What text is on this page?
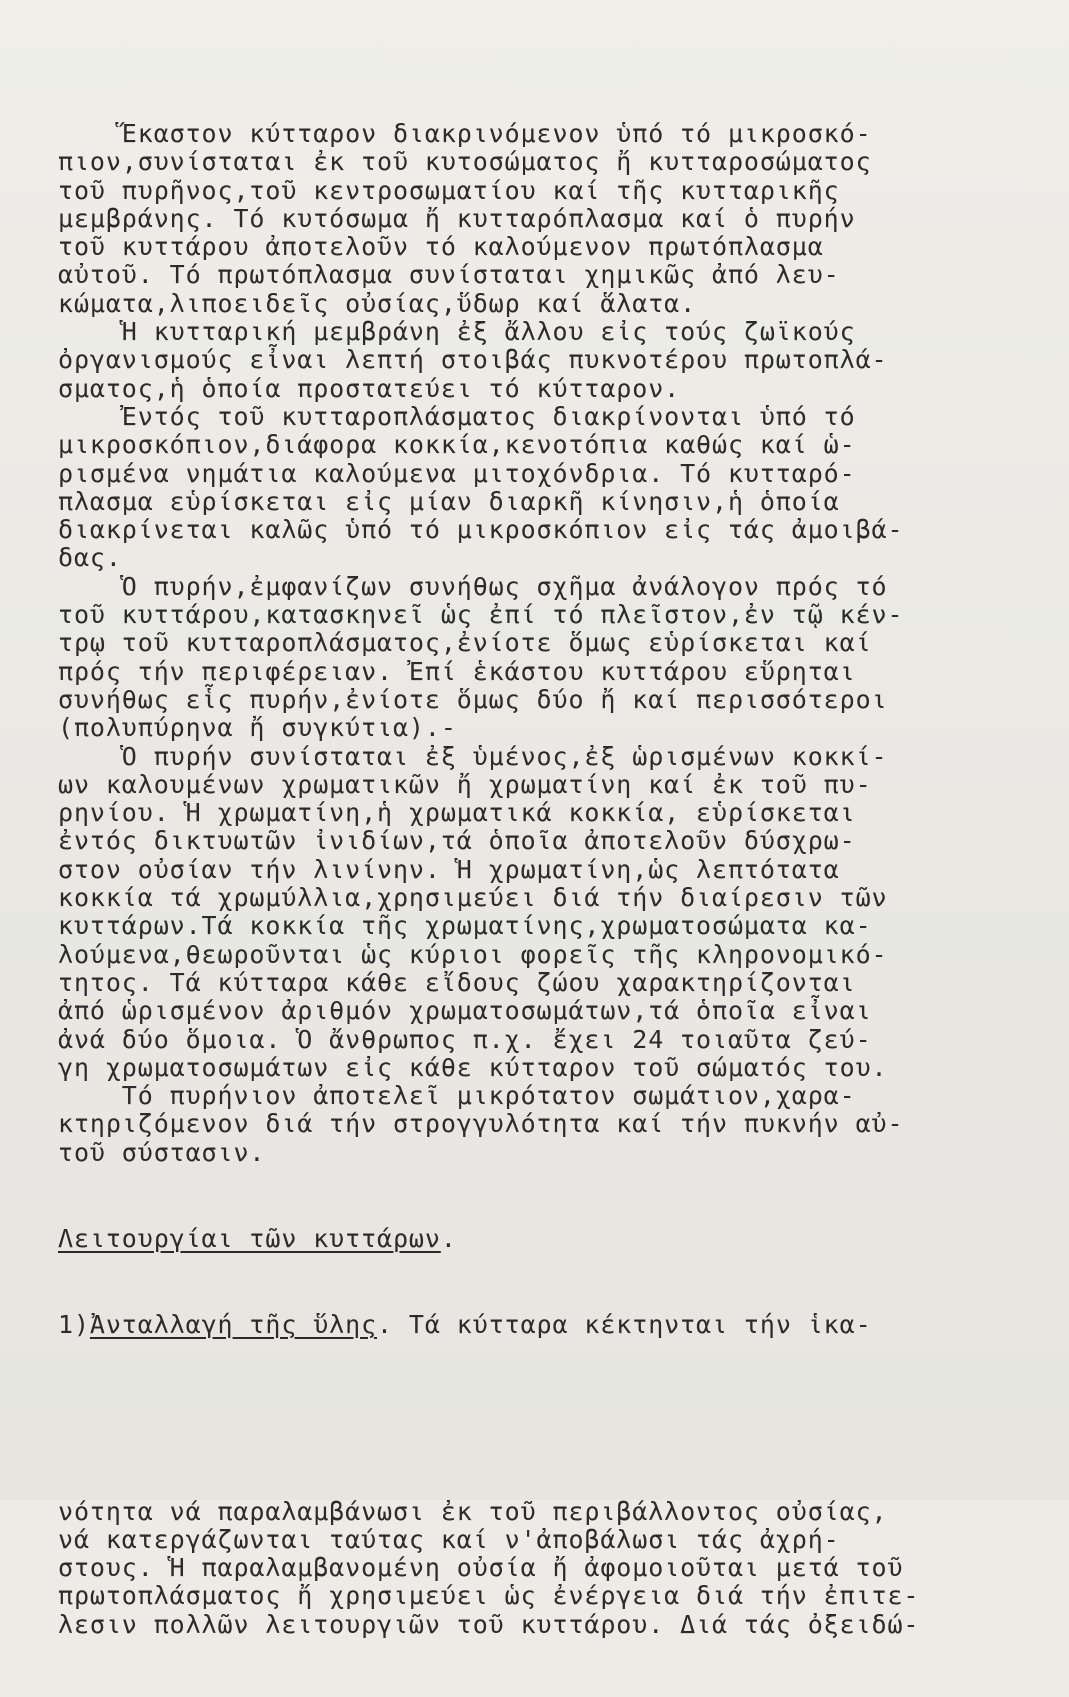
Ἕκαστον κύτταρον διακρινόμενον ὑπό τό μικροσκό-
πιον,συνίσταται ἐκ τοῦ κυτοσώματος ἤ κυτταροσώματος
τοῦ πυρῆνος,τοῦ κεντροσωματίου καί τῆς κυτταρικῆς
μεμβράνης. Τό κυτόσωμα ἤ κυτταρόπλασμα καί ὁ πυρήν
τοῦ κυττάρου ἀποτελοῦν τό καλούμενον πρωτόπλασμα
αὐτοῦ. Τό πρωτόπλασμα συνίσταται χημικῶς ἀπό λευ-
κώματα,λιποειδεῖς οὐσίας,ὕδωρ καί ἅλατα.
Ἡ κυτταρική μεμβράνη ἐξ ἄλλου εἰς τούς ζωϊκούς
ὀργανισμούς εἶναι λεπτή στοιβάς πυκνοτέρου πρωτοπλά-
σματος,ἡ ὁποία προστατεύει τό κύτταρον.
Ἐντός τοῦ κυτταροπλάσματος διακρίνονται ὑπό τό
μικροσκόπιον,διάφορα κοκκία,κενοτόπια καθώς καί ὡ-
ρισμένα νημάτια καλούμενα μιτοχόνδρια. Τό κυτταρό-
πλασμα εὑρίσκεται εἰς μίαν διαρκῆ κίνησιν,ἡ ὁποία
διακρίνεται καλῶς ὑπό τό μικροσκόπιον εἰς τάς ἀμοιβά-
δας.
Ὁ πυρήν,ἐμφανίζων συνήθως σχῆμα ἀνάλογον πρός τό
τοῦ κυττάρου,κατασκηνεῖ ὡς ἐπί τό πλεῖστον,ἐν τῷ κέν-
τρῳ τοῦ κυτταροπλάσματος,ἐνίοτε ὅμως εὑρίσκεται καί
πρός τήν περιφέρειαν. Ἐπί ἑκάστου κυττάρου εὕρηται
συνήθως εἷς πυρήν,ἐνίοτε ὅμως δύο ἤ καί περισσότεροι
(πολυπύρηνα ἤ συγκύτια).-
Ὁ πυρήν συνίσταται ἐξ ὑμένος,ἐξ ὡρισμένων κοκκί-
ων καλουμένων χρωματικῶν ἤ χρωματίνη καί ἐκ τοῦ πυ-
ρηνίου. Ἡ χρωματίνη,ἡ χρωματικά κοκκία, εὑρίσκεται
ἐντός δικτυωτῶν ἰνιδίων,τά ὁποῖα ἀποτελοῦν δύσχρω-
στον οὐσίαν τήν λινίνην. Ἡ χρωματίνη,ὡς λεπτότατα
κοκκία τά χρωμύλλια,χρησιμεύει διά τήν διαίρεσιν τῶν
κυττάρων.Τά κοκκία τῆς χρωματίνης,χρωματοσώματα κα-
λούμενα,θεωροῦνται ὡς κύριοι φορεῖς τῆς κληρονομικό-
τητος. Τά κύτταρα κάθε εἴδους ζώου χαρακτηρίζονται
ἀπό ὡρισμένον ἀριθμόν χρωματοσωμάτων,τά ὁποῖα εἶναι
ἀνά δύο ὅμοια. Ὁ ἄνθρωπος π.χ. ἔχει 24 τοιαῦτα ζεύ-
γη χρωματοσωμάτων εἰς κάθε κύτταρον τοῦ σώματός του.
Τό πυρήνιον ἀποτελεῖ μικρότατον σωμάτιον,χαρα-
κτηριζόμενον διά τήν στρογγυλότητα καί τήν πυκνήν αὐ-
τοῦ σύστασιν.

Λειτουργίαι τῶν κυττάρων.

1)Ἀνταλλαγή τῆς ὕλης. Τά κύτταρα κέκτηνται τήν ἱκα-

νότητα νά παραλαμβάνωσι ἐκ τοῦ περιβάλλοντος οὐσίας,
νά κατεργάζωνται ταύτας καί ν'ἀποβάλωσι τάς ἀχρή-
στους. Ἡ παραλαμβανομένη οὐσία ἤ ἀφομοιοῦται μετά τοῦ
πρωτοπλάσματος ἤ χρησιμεύει ὡς ἐνέργεια διά τήν ἐπιτε-
λεσιν πολλῶν λειτουργιῶν τοῦ κυττάρου. Διά τάς ὀξειδώ-
